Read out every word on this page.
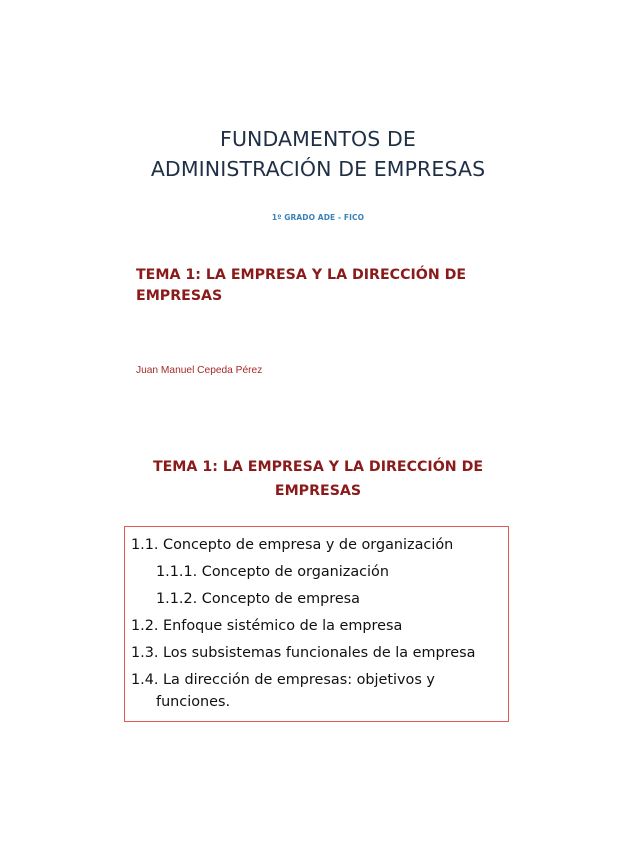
FUNDAMENTOS DE
ADMINISTRACIÓN DE EMPRESAS
1º GRADO ADE - FICO
TEMA 1: LA EMPRESA Y LA DIRECCIÓN DE
EMPRESAS
Juan Manuel Cepeda Pérez
TEMA 1: LA EMPRESA Y LA DIRECCIÓN DE
EMPRESAS
1.1. Concepto de empresa y de organización
1.1.1. Concepto de organización
1.1.2. Concepto de empresa
1.2. Enfoque sistémico de la empresa
1.3. Los subsistemas funcionales de la empresa
1.4. La dirección de empresas: objetivos y
funciones.
